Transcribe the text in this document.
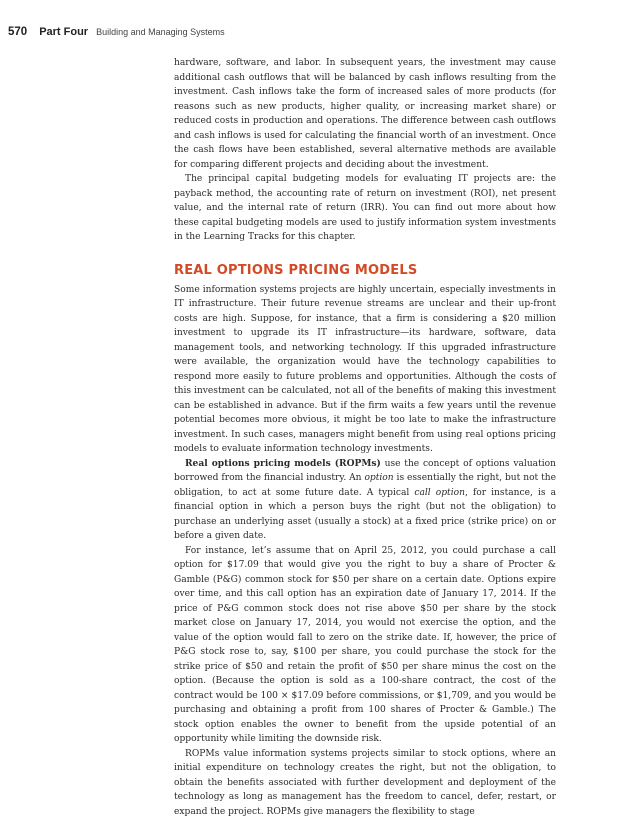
570 Part Four Building and Managing Systems

hardware, software, and labor. In subsequent years, the investment may cause additional cash outflows that will be balanced by cash inflows resulting from the investment. Cash inflows take the form of increased sales of more products (for reasons such as new products, higher quality, or increasing market share) or reduced costs in production and operations. The difference between cash outflows and cash inflows is used for calculating the financial worth of an investment. Once the cash flows have been established, several alternative methods are available for comparing different projects and deciding about the investment.

The principal capital budgeting models for evaluating IT projects are: the payback method, the accounting rate of return on investment (ROI), net present value, and the internal rate of return (IRR). You can find out more about how these capital budgeting models are used to justify information system investments in the Learning Tracks for this chapter.

REAL OPTIONS PRICING MODELS

Some information systems projects are highly uncertain, especially investments in IT infrastructure. Their future revenue streams are unclear and their up-front costs are high. Suppose, for instance, that a firm is considering a $20 million investment to upgrade its IT infrastructure—its hardware, software, data management tools, and networking technology. If this upgraded infrastructure were available, the organization would have the technology capabilities to respond more easily to future problems and opportunities. Although the costs of this investment can be calculated, not all of the benefits of making this investment can be established in advance. But if the firm waits a few years until the revenue potential becomes more obvious, it might be too late to make the infrastructure investment. In such cases, managers might benefit from using real options pricing models to evaluate information technology investments.

Real options pricing models (ROPMs) use the concept of options valuation borrowed from the financial industry. An option is essentially the right, but not the obligation, to act at some future date. A typical call option, for instance, is a financial option in which a person buys the right (but not the obligation) to purchase an underlying asset (usually a stock) at a fixed price (strike price) on or before a given date.

For instance, let’s assume that on April 25, 2012, you could purchase a call option for $17.09 that would give you the right to buy a share of Procter & Gamble (P&G) common stock for $50 per share on a certain date. Options expire over time, and this call option has an expiration date of January 17, 2014. If the price of P&G common stock does not rise above $50 per share by the stock market close on January 17, 2014, you would not exercise the option, and the value of the option would fall to zero on the strike date. If, however, the price of P&G stock rose to, say, $100 per share, you could purchase the stock for the strike price of $50 and retain the profit of $50 per share minus the cost on the option. (Because the option is sold as a 100-share contract, the cost of the contract would be 100 × $17.09 before commissions, or $1,709, and you would be purchasing and obtaining a profit from 100 shares of Procter & Gamble.) The stock option enables the owner to benefit from the upside potential of an opportunity while limiting the downside risk.

ROPMs value information systems projects similar to stock options, where an initial expenditure on technology creates the right, but not the obligation, to obtain the benefits associated with further development and deployment of the technology as long as management has the freedom to cancel, defer, restart, or expand the project. ROPMs give managers the flexibility to stage
